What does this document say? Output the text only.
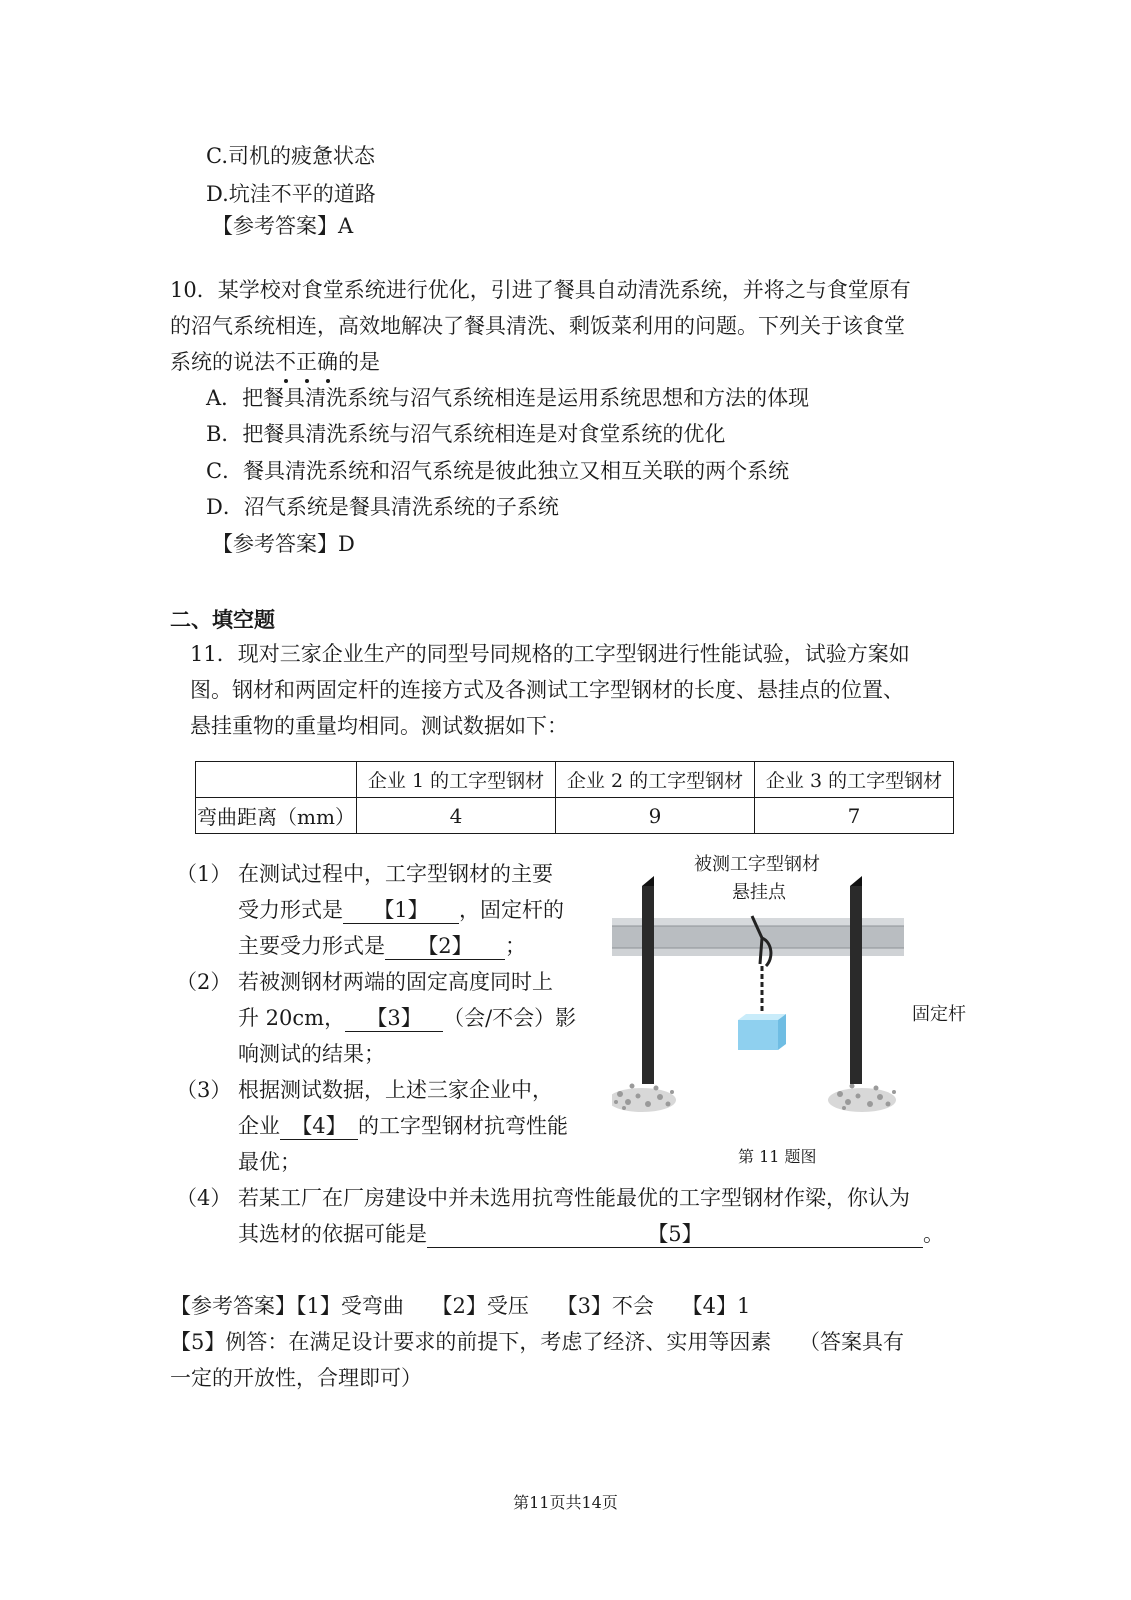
C.司机的疲惫状态
D.坑洼不平的道路
【参考答案】A
10．某学校对食堂系统进行优化，引进了餐具自动清洗系统，并将之与食堂原有
的沼气系统相连，高效地解决了餐具清洗、剩饭菜利用的问题。下列关于该食堂
系统的说法不
正
确
的是
A．把餐具清洗系统与沼气系统相连是运用系统思想和方法的体现
B．把餐具清洗系统与沼气系统相连是对食堂系统的优化
C．餐具清洗系统和沼气系统是彼此独立又相互关联的两个系统
D．沼气系统是餐具清洗系统的子系统
【参考答案】D
二、填空题
11．现对三家企业生产的同型号同规格的工字型钢进行性能试验，试验方案如
图。钢材和两固定杆的连接方式及各测试工字型钢材的长度、悬挂点的位置、
悬挂重物的重量均相同。测试数据如下：
	企业 1 的工字型钢材	企业 2 的工字型钢材	企业 3 的工字型钢材
弯曲距离（mm）	4	9	7
（1） 在测试过程中，工字型钢材的主要
受力形式是 【1】 ，固定杆的
主要受力形式是 【2】 ；
（2） 若被测钢材两端的固定高度同时上
升 20cm， 【3】 （会/不会）影
响测试的结果；
（3） 根据测试数据，上述三家企业中，
企业 【4】 的工字型钢材抗弯性能
最优；
（4） 若某工厂在厂房建设中并未选用抗弯性能最优的工字型钢材作梁，你认为
其选材的依据可能是	【5】	。
被测工字型钢材
悬挂点
固定杆
第 11 题图
【参考答案】【1】受弯曲　 【2】受压　 【3】不会　 【4】1
【5】例答：在满足设计要求的前提下，考虑了经济、实用等因素　 （答案具有
一定的开放性，合理即可）
第11页共14页
